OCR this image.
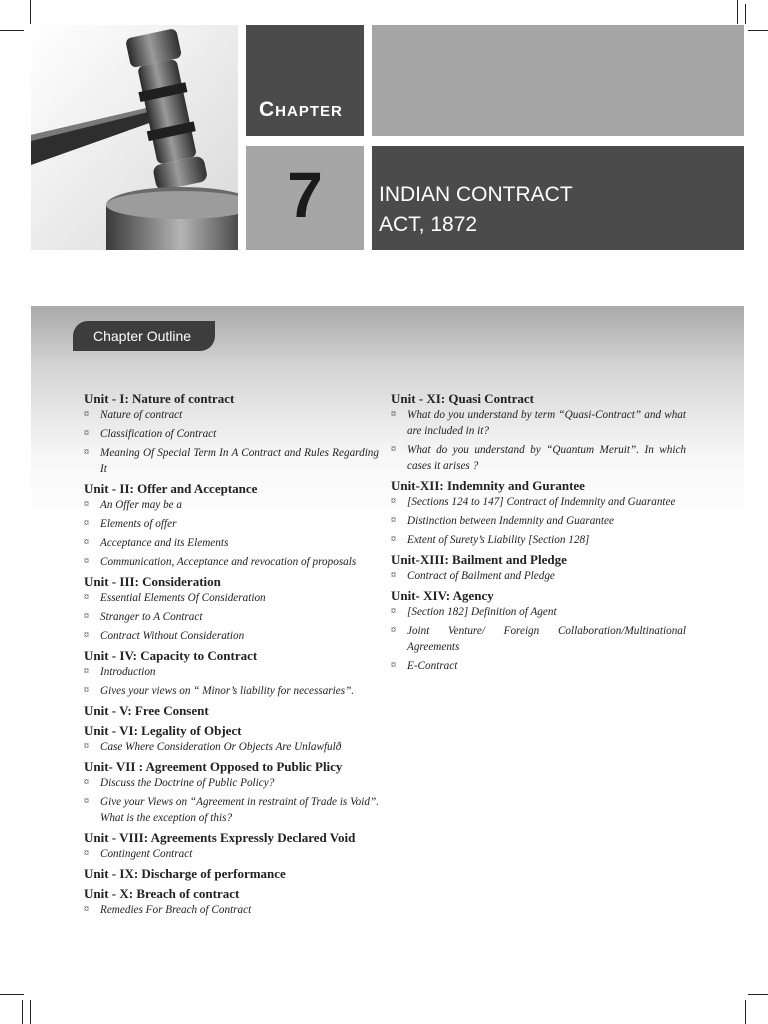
Chapter
7	INDIAN CONTRACT
ACT, 1872
Chapter Outline
Unit - I: Nature of contract
¤ Nature of contract
¤ Classification of Contract
¤ Meaning Of Special Term In A Contract and Rules Regarding It
Unit - II: Offer and Acceptance
¤ An Offer may be a
¤ Elements of offer
¤ Acceptance and its Elements
¤ Communication, Acceptance and revocation of proposals
Unit - III: Consideration
¤ Essential Elements Of Consideration
¤ Stranger to A Contract
¤ Contract Without Consideration
Unit - IV: Capacity to Contract
¤ Introduction
¤ Gives your views on “ Minor’s liability for necessaries”.
Unit - V: Free Consent
Unit - VI: Legality of Object
¤ Case Where Consideration Or Objects Are Unlawfulð
Unit- VII : Agreement Opposed to Public Plicy
¤ Discuss the Doctrine of Public Policy?
¤ Give your Views on “Agreement in restraint of Trade is Void”. What is the exception of this?
Unit - VIII: Agreements Expressly Declared Void
¤ Contingent Contract
Unit - IX: Discharge of performance
Unit - X: Breach of contract
¤ Remedies For Breach of Contract
Unit - XI: Quasi Contract
¤ What do you understand by term “Quasi-Contract” and what are included in it?
¤ What do you understand by “Quantum Meruit”. In which cases it arises ?
Unit-XII: Indemnity and Gurantee
¤ [Sections 124 to 147] Contract of Indemnity and Guarantee
¤ Distinction between Indemnity and Guarantee
¤ Extent of Surety’s Liability [Section 128]
Unit-XIII: Bailment and Pledge
¤ Contract of Bailment and Pledge
Unit- XIV: Agency
¤ [Section 182] Definition of Agent
¤ Joint Venture/ Foreign Collaboration/Multinational Agreements
¤ E-Contract
